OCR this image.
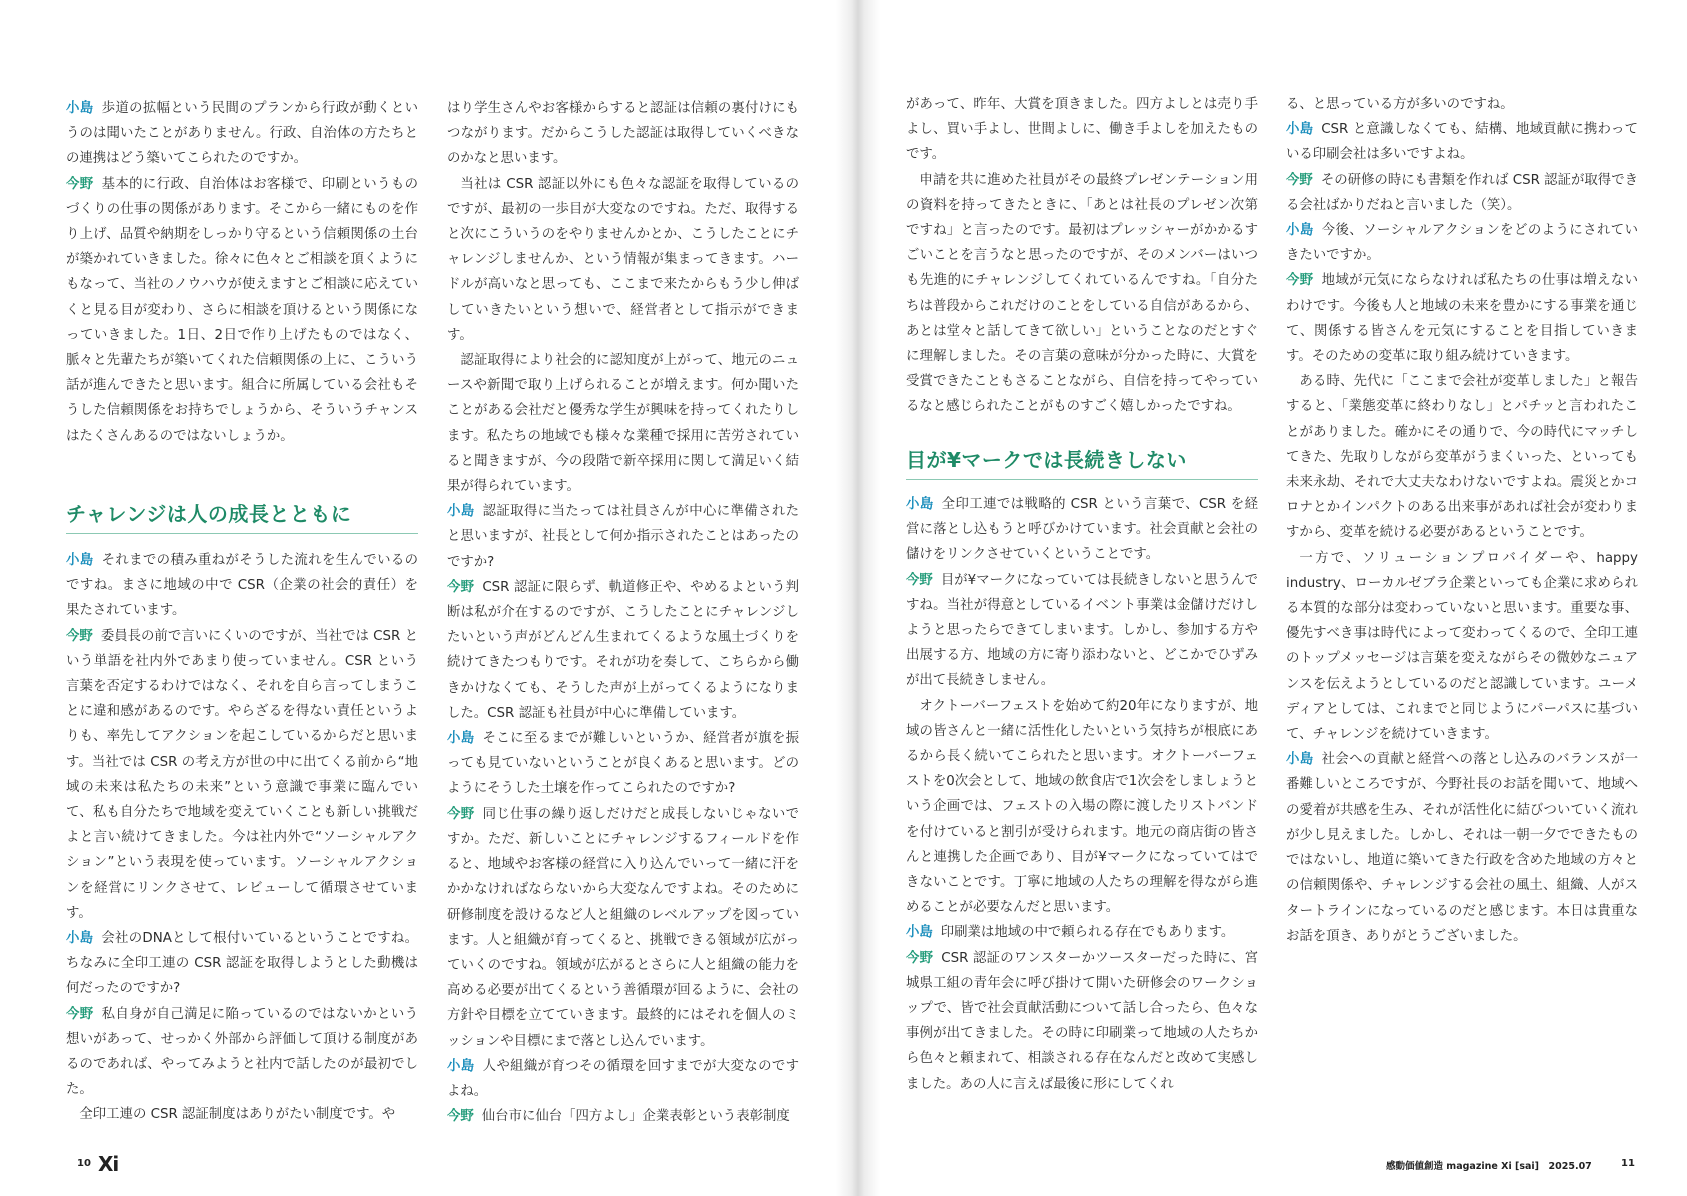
小島 歩道の拡幅という民間のプランから行政が動くというのは聞いたことがありません。行政、自治体の方たちとの連携はどう築いてこられたのですか。

今野 基本的に行政、自治体はお客様で、印刷というものづくりの仕事の関係があります。そこから一緒にものを作り上げ、品質や納期をしっかり守るという信頼関係の土台が築かれていきました。徐々に色々とご相談を頂くようにもなって、当社のノウハウが使えますとご相談に応えていくと見る目が変わり、さらに相談を頂けるという関係になっていきました。1日、2日で作り上げたものではなく、脈々と先輩たちが築いてくれた信頼関係の上に、こういう話が進んできたと思います。組合に所属している会社もそうした信頼関係をお持ちでしょうから、そういうチャンスはたくさんあるのではないしょうか。

チャレンジは人の成長とともに

小島 それまでの積み重ねがそうした流れを生んでいるのですね。まさに地域の中で CSR（企業の社会的責任）を果たされています。

今野 委員長の前で言いにくいのですが、当社では CSR という単語を社内外であまり使っていません。CSR という言葉を否定するわけではなく、それを自ら言ってしまうことに違和感があるのです。やらざるを得ない責任というよりも、率先してアクションを起こしているからだと思います。当社では CSR の考え方が世の中に出てくる前から“地域の未来は私たちの未来”という意識で事業に臨んでいて、私も自分たちで地域を変えていくことも新しい挑戦だよと言い続けてきました。今は社内外で“ソーシャルアクション”という表現を使っています。ソーシャルアクションを経営にリンクさせて、レビューして循環させています。

小島 会社のDNAとして根付いているということですね。ちなみに全印工連の CSR 認証を取得しようとした動機は何だったのですか?

今野 私自身が自己満足に陥っているのではないかという想いがあって、せっかく外部から評価して頂ける制度があるのであれば、やってみようと社内で話したのが最初でした。

全印工連の CSR 認証制度はありがたい制度です。や

はり学生さんやお客様からすると認証は信頼の裏付けにもつながります。だからこうした認証は取得していくべきなのかなと思います。

当社は CSR 認証以外にも色々な認証を取得しているのですが、最初の一歩目が大変なのですね。ただ、取得すると次にこういうのをやりませんかとか、こうしたことにチャレンジしませんか、という情報が集まってきます。ハードルが高いなと思っても、ここまで来たからもう少し伸ばしていきたいという想いで、経営者として指示ができます。

認証取得により社会的に認知度が上がって、地元のニュースや新聞で取り上げられることが増えます。何か聞いたことがある会社だと優秀な学生が興味を持ってくれたりします。私たちの地域でも様々な業種で採用に苦労されていると聞きますが、今の段階で新卒採用に関して満足いく結果が得られています。

小島 認証取得に当たっては社員さんが中心に準備されたと思いますが、社長として何か指示されたことはあったのですか?

今野 CSR 認証に限らず、軌道修正や、やめるよという判断は私が介在するのですが、こうしたことにチャレンジしたいという声がどんどん生まれてくるような風土づくりを続けてきたつもりです。それが功を奏して、こちらから働きかけなくても、そうした声が上がってくるようになりました。CSR 認証も社員が中心に準備しています。

小島 そこに至るまでが難しいというか、経営者が旗を振っても見ていないということが良くあると思います。どのようにそうした土壌を作ってこられたのですか?

今野 同じ仕事の繰り返しだけだと成長しないじゃないですか。ただ、新しいことにチャレンジするフィールドを作ると、地域やお客様の経営に入り込んでいって一緒に汗をかかなければならないから大変なんですよね。そのために研修制度を設けるなど人と組織のレベルアップを図っています。人と組織が育ってくると、挑戦できる領域が広がっていくのですね。領域が広がるとさらに人と組織の能力を高める必要が出てくるという善循環が回るように、会社の方針や目標を立てていきます。最終的にはそれを個人のミッションや目標にまで落とし込んでいます。

小島 人や組織が育つその循環を回すまでが大変なのですよね。

今野 仙台市に仙台「四方よし」企業表彰という表彰制度

があって、昨年、大賞を頂きました。四方よしとは売り手よし、買い手よし、世間よしに、働き手よしを加えたものです。

申請を共に進めた社員がその最終プレゼンテーション用の資料を持ってきたときに、「あとは社長のプレゼン次第ですね」と言ったのです。最初はプレッシャーがかかるすごいことを言うなと思ったのですが、そのメンバーはいつも先進的にチャレンジしてくれているんですね。「自分たちは普段からこれだけのことをしている自信があるから、あとは堂々と話してきて欲しい」ということなのだとすぐに理解しました。その言葉の意味が分かった時に、大賞を受賞できたこともさることながら、自信を持ってやっているなと感じられたことがものすごく嬉しかったですね。

目が¥マークでは長続きしない

小島 全印工連では戦略的 CSR という言葉で、CSR を経営に落とし込もうと呼びかけています。社会貢献と会社の儲けをリンクさせていくということです。

今野 目が¥マークになっていては長続きしないと思うんですね。当社が得意としているイベント事業は金儲けだけしようと思ったらできてしまいます。しかし、参加する方や出展する方、地域の方に寄り添わないと、どこかでひずみが出て長続きしません。

オクトーバーフェストを始めて約20年になりますが、地域の皆さんと一緒に活性化したいという気持ちが根底にあるから長く続いてこられたと思います。オクトーバーフェストを0次会として、地域の飲食店で1次会をしましょうという企画では、フェストの入場の際に渡したリストバンドを付けていると割引が受けられます。地元の商店街の皆さんと連携した企画であり、目が¥マークになっていてはできないことです。丁寧に地域の人たちの理解を得ながら進めることが必要なんだと思います。

小島 印刷業は地域の中で頼られる存在でもあります。

今野 CSR 認証のワンスターかツースターだった時に、宮城県工組の青年会に呼び掛けて開いた研修会のワークショップで、皆で社会貢献活動について話し合ったら、色々な事例が出てきました。その時に印刷業って地域の人たちから色々と頼まれて、相談される存在なんだと改めて実感しました。あの人に言えば最後に形にしてくれ

る、と思っている方が多いのですね。

小島 CSR と意識しなくても、結構、地域貢献に携わっている印刷会社は多いですよね。

今野 その研修の時にも書類を作れば CSR 認証が取得できる会社ばかりだねと言いました（笑）。

小島 今後、ソーシャルアクションをどのようにされていきたいですか。

今野 地域が元気にならなければ私たちの仕事は増えないわけです。今後も人と地域の未来を豊かにする事業を通じて、関係する皆さんを元気にすることを目指していきます。そのための変革に取り組み続けていきます。

ある時、先代に「ここまで会社が変革しました」と報告すると、「業態変革に終わりなし」とパチッと言われたことがありました。確かにその通りで、今の時代にマッチしてきた、先取りしながら変革がうまくいった、といっても未来永劫、それで大丈夫なわけないですよね。震災とかコロナとかインパクトのある出来事があれば社会が変わりますから、変革を続ける必要があるということです。

一方で、ソリューションプロバイダーや、happy industry、ローカルゼブラ企業といっても企業に求められる本質的な部分は変わっていないと思います。重要な事、優先すべき事は時代によって変わってくるので、全印工連のトップメッセージは言葉を変えながらその微妙なニュアンスを伝えようとしているのだと認識しています。ユーメディアとしては、これまでと同じようにパーパスに基づいて、チャレンジを続けていきます。

小島 社会への貢献と経営への落とし込みのバランスが一番難しいところですが、今野社長のお話を聞いて、地域への愛着が共感を生み、それが活性化に結びついていく流れが少し見えました。しかし、それは一朝一夕でできたものではないし、地道に築いてきた行政を含めた地域の方々との信頼関係や、チャレンジする会社の風土、組織、人がスタートラインになっているのだと感じます。本日は貴重なお話を頂き、ありがとうございました。

10 Xi	感動価値創造 magazine Xi [sai]　2025.07	11
